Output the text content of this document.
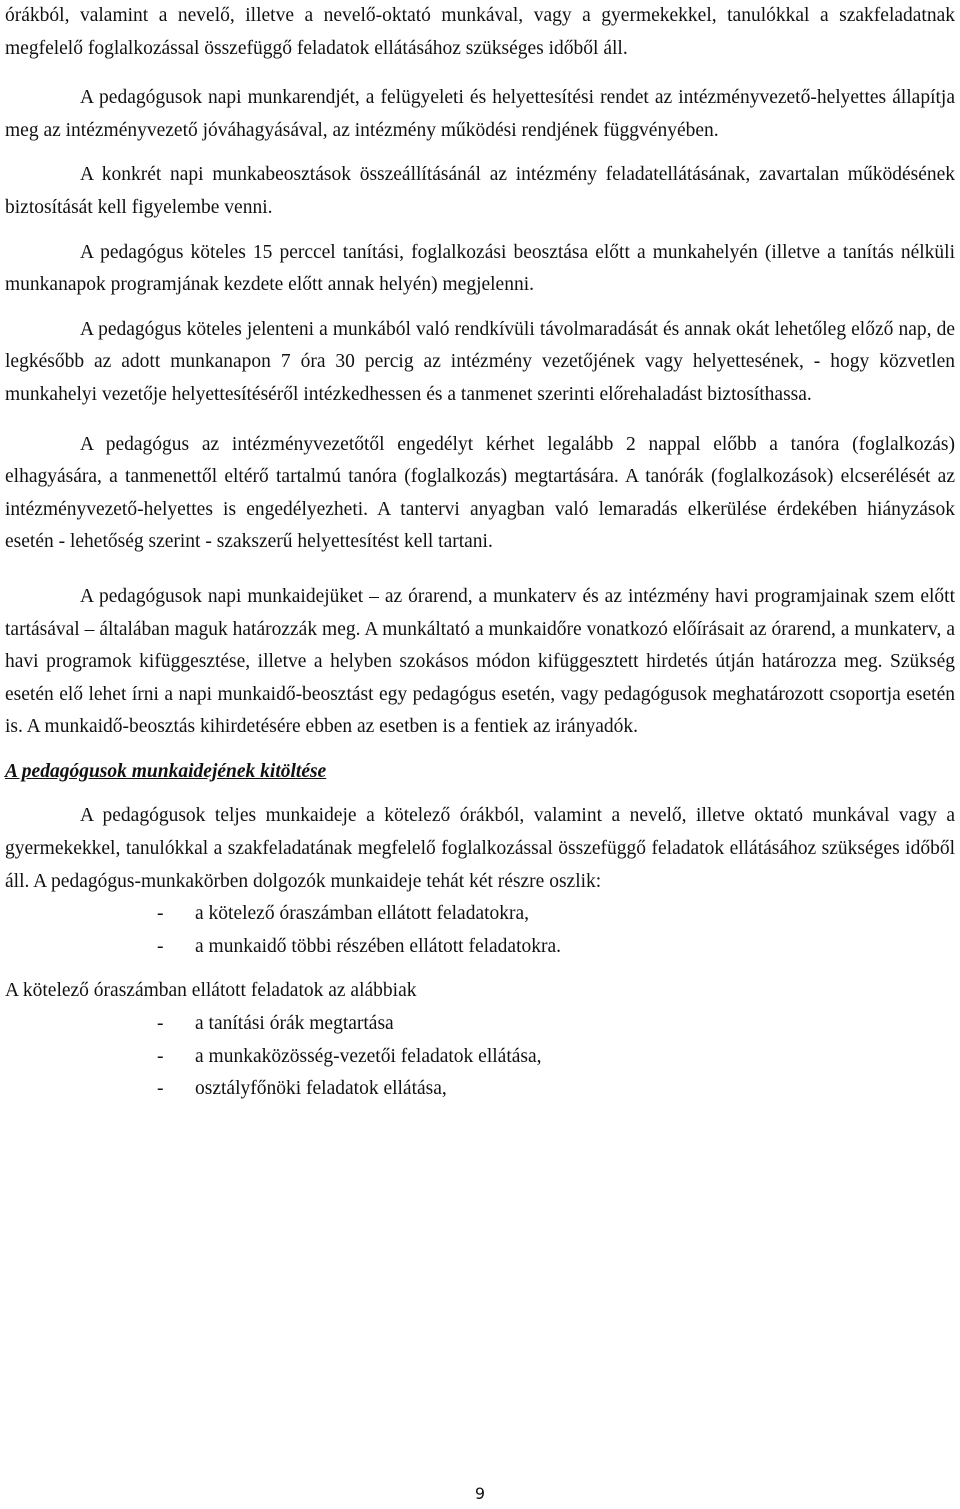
órákból, valamint a nevelő, illetve a nevelő-oktató munkával, vagy a gyermekekkel, tanulókkal a szakfeladatnak megfelelő foglalkozással összefüggő feladatok ellátásához szükséges időből áll.

A pedagógusok napi munkarendjét, a felügyeleti és helyettesítési rendet az intézményvezető-helyettes állapítja meg az intézményvezető jóváhagyásával, az intézmény működési rendjének függvényében.

A konkrét napi munkabeosztások összeállításánál az intézmény feladatellátásának, zavartalan működésének biztosítását kell figyelembe venni.

A pedagógus köteles 15 perccel tanítási, foglalkozási beosztása előtt a munkahelyén (illetve a tanítás nélküli munkanapok programjának kezdete előtt annak helyén) megjelenni.

A pedagógus köteles jelenteni a munkából való rendkívüli távolmaradását és annak okát lehetőleg előző nap, de legkésőbb az adott munkanapon 7 óra 30 percig az intézmény vezetőjének vagy helyettesének, - hogy közvetlen munkahelyi vezetője helyettesítéséről intézkedhessen és a tanmenet szerinti előrehaladást biztosíthassa.

A pedagógus az intézményvezetőtől engedélyt kérhet legalább 2 nappal előbb a tanóra (foglalkozás) elhagyására, a tanmenettől eltérő tartalmú tanóra (foglalkozás) megtartására. A tanórák (foglalkozások) elcserélését az intézményvezető-helyettes is engedélyezheti. A tantervi anyagban való lemaradás elkerülése érdekében hiányzások esetén - lehetőség szerint - szakszerű helyettesítést kell tartani.

A pedagógusok napi munkaidejüket – az órarend, a munkaterv és az intézmény havi programjainak szem előtt tartásával – általában maguk határozzák meg. A munkáltató a munkaidőre vonatkozó előírásait az órarend, a munkaterv, a havi programok kifüggesztése, illetve a helyben szokásos módon kifüggesztett hirdetés útján határozza meg. Szükség esetén elő lehet írni a napi munkaidő-beosztást egy pedagógus esetén, vagy pedagógusok meghatározott csoportja esetén is. A munkaidő-beosztás kihirdetésére ebben az esetben is a fentiek az irányadók.

A pedagógusok munkaidejének kitöltése

A pedagógusok teljes munkaideje a kötelező órákból, valamint a nevelő, illetve oktató munkával vagy a gyermekekkel, tanulókkal a szakfeladatának megfelelő foglalkozással összefüggő feladatok ellátásához szükséges időből áll. A pedagógus-munkakörben dolgozók munkaideje tehát két részre oszlik:

- a kötelező óraszámban ellátott feladatokra,
- a munkaidő többi részében ellátott feladatokra.

A kötelező óraszámban ellátott feladatok az alábbiak

- a tanítási órák megtartása
- a munkaközösség-vezetői feladatok ellátása,
- osztályfőnöki feladatok ellátása,
9
